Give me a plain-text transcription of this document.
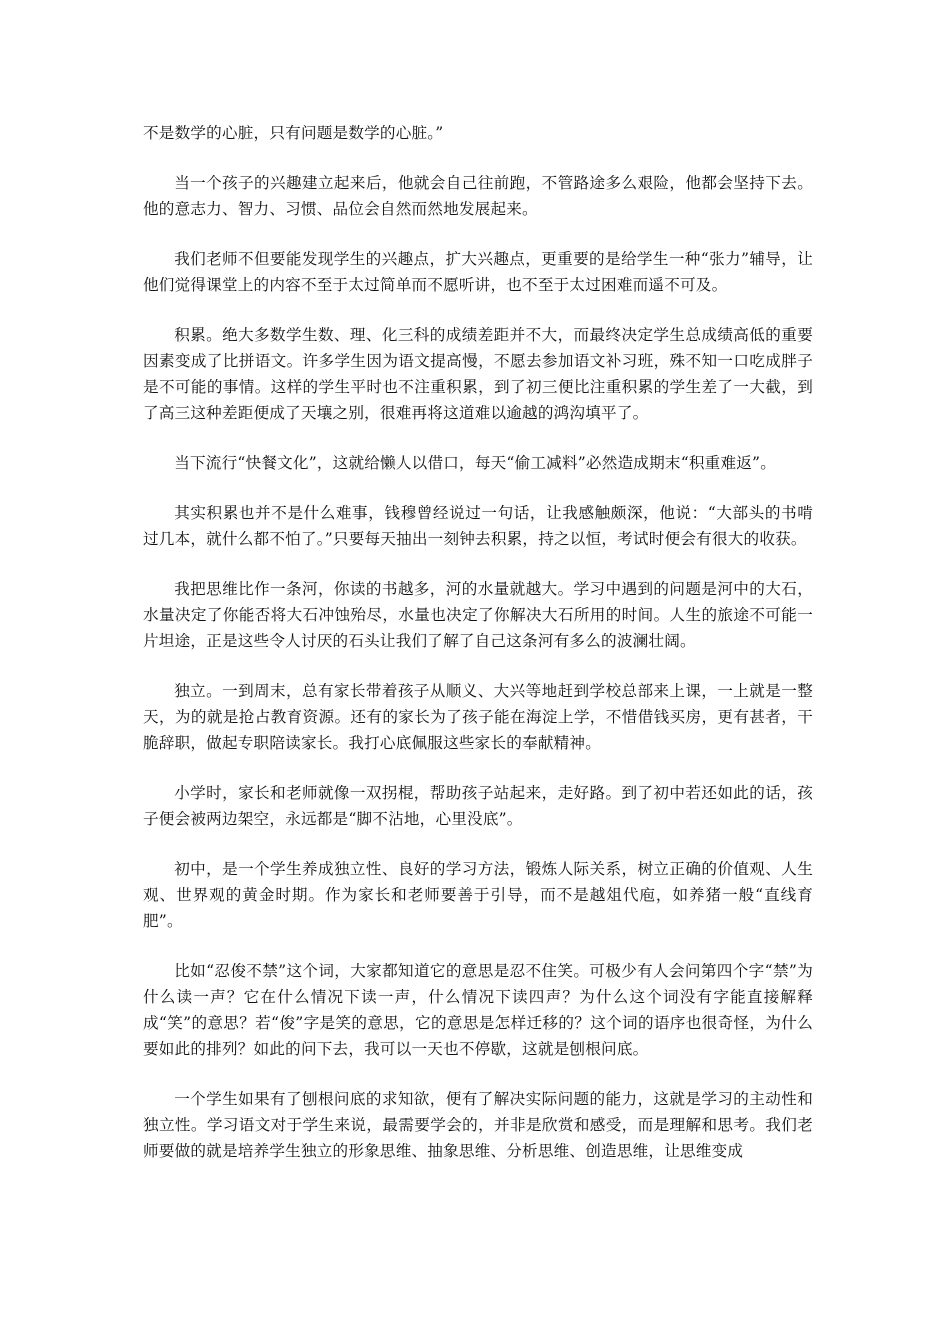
不是数学的心脏，只有问题是数学的心脏。”

当一个孩子的兴趣建立起来后，他就会自己往前跑，不管路途多么艰险，他都会坚持下去。他的意志力、智力、习惯、品位会自然而然地发展起来。

我们老师不但要能发现学生的兴趣点，扩大兴趣点，更重要的是给学生一种“张力”辅导，让他们觉得课堂上的内容不至于太过简单而不愿听讲，也不至于太过困难而遥不可及。

积累。绝大多数学生数、理、化三科的成绩差距并不大，而最终决定学生总成绩高低的重要因素变成了比拼语文。许多学生因为语文提高慢，不愿去参加语文补习班，殊不知一口吃成胖子是不可能的事情。这样的学生平时也不注重积累，到了初三便比注重积累的学生差了一大截，到了高三这种差距便成了天壤之别，很难再将这道难以逾越的鸿沟填平了。

当下流行“快餐文化”，这就给懒人以借口，每天“偷工减料”必然造成期末“积重难返”。

其实积累也并不是什么难事，钱穆曾经说过一句话，让我感触颇深，他说：“大部头的书啃过几本，就什么都不怕了。”只要每天抽出一刻钟去积累，持之以恒，考试时便会有很大的收获。

我把思维比作一条河，你读的书越多，河的水量就越大。学习中遇到的问题是河中的大石，水量决定了你能否将大石冲蚀殆尽，水量也决定了你解决大石所用的时间。人生的旅途不可能一片坦途，正是这些令人讨厌的石头让我们了解了自己这条河有多么的波澜壮阔。

独立。一到周末，总有家长带着孩子从顺义、大兴等地赶到学校总部来上课，一上就是一整天，为的就是抢占教育资源。还有的家长为了孩子能在海淀上学，不惜借钱买房，更有甚者，干脆辞职，做起专职陪读家长。我打心底佩服这些家长的奉献精神。

小学时，家长和老师就像一双拐棍，帮助孩子站起来，走好路。到了初中若还如此的话，孩子便会被两边架空，永远都是“脚不沾地，心里没底”。

初中，是一个学生养成独立性、良好的学习方法，锻炼人际关系，树立正确的价值观、人生观、世界观的黄金时期。作为家长和老师要善于引导，而不是越俎代庖，如养猪一般“直线育肥”。

比如“忍俊不禁”这个词，大家都知道它的意思是忍不住笑。可极少有人会问第四个字“禁”为什么读一声？它在什么情况下读一声，什么情况下读四声？为什么这个词没有字能直接解释成“笑”的意思？若“俊”字是笑的意思，它的意思是怎样迁移的？这个词的语序也很奇怪，为什么要如此的排列？如此的问下去，我可以一天也不停歇，这就是刨根问底。

一个学生如果有了刨根问底的求知欲，便有了解决实际问题的能力，这就是学习的主动性和独立性。学习语文对于学生来说，最需要学会的，并非是欣赏和感受，而是理解和思考。我们老师要做的就是培养学生独立的形象思维、抽象思维、分析思维、创造思维，让思维变成
